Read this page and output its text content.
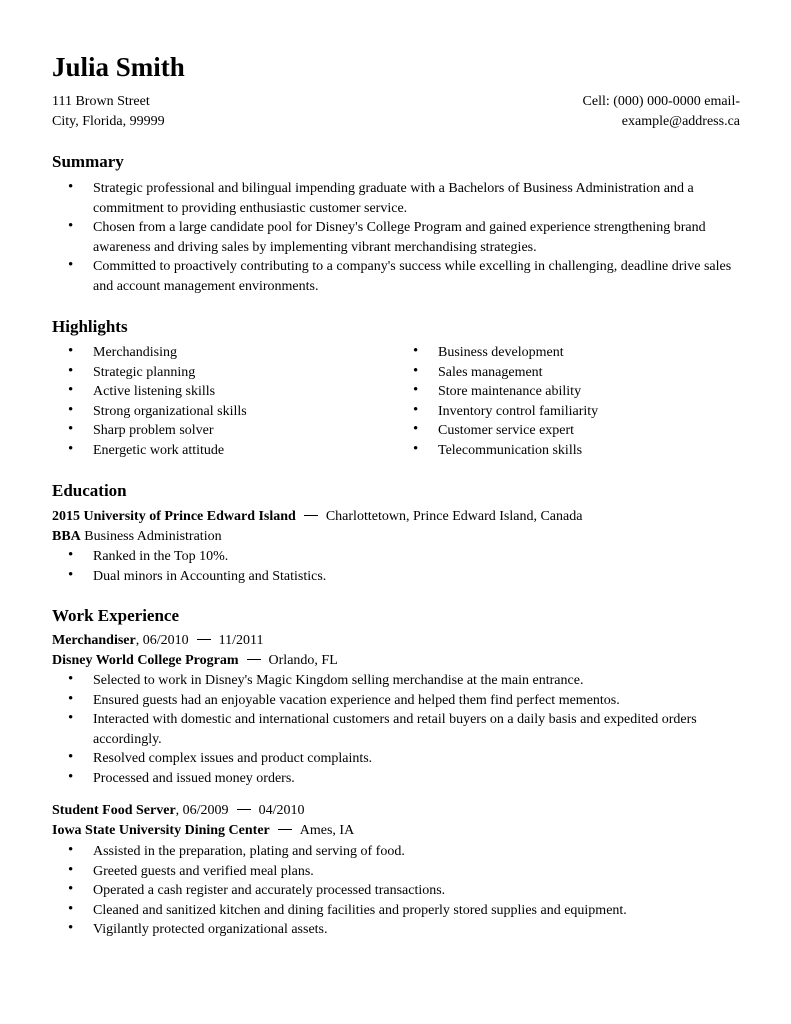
Julia Smith
111 Brown Street
City, Florida, 99999
Cell: (000) 000-0000 email-
example@address.ca
Summary
• Strategic professional and bilingual impending graduate with a Bachelors of Business Administration and a commitment to providing enthusiastic customer service.
• Chosen from a large candidate pool for Disney's College Program and gained experience strengthening brand awareness and driving sales by implementing vibrant merchandising strategies.
• Committed to proactively contributing to a company's success while excelling in challenging, deadline drive sales and account management environments.
Highlights
• Merchandising
• Strategic planning
• Active listening skills
• Strong organizational skills
• Sharp problem solver
• Energetic work attitude
• Business development
• Sales management
• Store maintenance ability
• Inventory control familiarity
• Customer service expert
• Telecommunication skills
Education
2015 University of Prince Edward Island Charlottetown, Prince Edward Island, Canada
BBA Business Administration
• Ranked in the Top 10%.
• Dual minors in Accounting and Statistics.
Work Experience
Merchandiser, 06/2010 11/2011
Disney World College Program Orlando, FL
• Selected to work in Disney's Magic Kingdom selling merchandise at the main entrance.
• Ensured guests had an enjoyable vacation experience and helped them find perfect mementos.
• Interacted with domestic and international customers and retail buyers on a daily basis and expedited orders accordingly.
• Resolved complex issues and product complaints.
• Processed and issued money orders.
Student Food Server, 06/2009 04/2010
Iowa State University Dining Center Ames, IA
• Assisted in the preparation, plating and serving of food.
• Greeted guests and verified meal plans.
• Operated a cash register and accurately processed transactions.
• Cleaned and sanitized kitchen and dining facilities and properly stored supplies and equipment.
• Vigilantly protected organizational assets.
